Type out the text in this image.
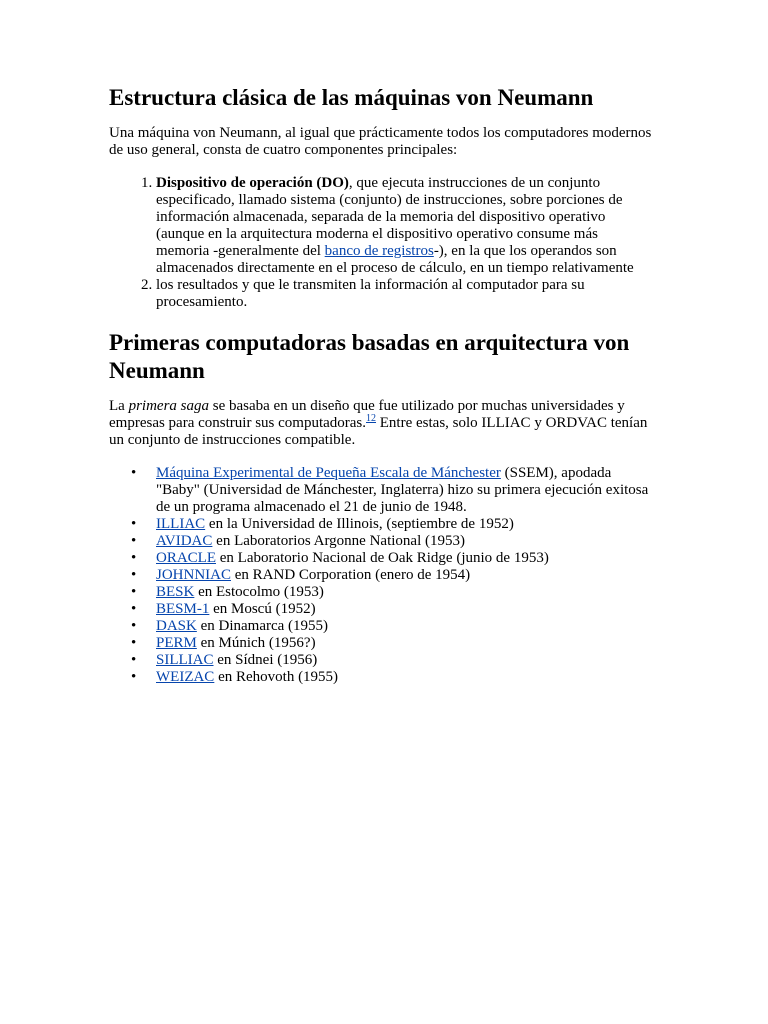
Estructura clásica de las máquinas von Neumann

Una máquina von Neumann, al igual que prácticamente todos los computadores modernos de uso general, consta de cuatro componentes principales:

1. Dispositivo de operación (DO), que ejecuta instrucciones de un conjunto especificado, llamado sistema (conjunto) de instrucciones, sobre porciones de información almacenada, separada de la memoria del dispositivo operativo (aunque en la arquitectura moderna el dispositivo operativo consume más memoria -generalmente del banco de registros-), en la que los operandos son almacenados directamente en el proceso de cálculo, en un tiempo relativamente
2. los resultados y que le transmiten la información al computador para su procesamiento.
Primeras computadoras basadas en arquitectura von Neumann

La primera saga se basaba en un diseño que fue utilizado por muchas universidades y empresas para construir sus computadoras.$^{12}$ Entre estas, solo ILLIAC y ORDVAC tenían un conjunto de instrucciones compatible.

• Máquina Experimental de Pequeña Escala de Mánchester (SSEM), apodada "Baby" (Universidad de Mánchester, Inglaterra) hizo su primera ejecución exitosa de un programa almacenado el 21 de junio de 1948.
• ILLIAC en la Universidad de Illinois, (septiembre de 1952)
• AVIDAC en Laboratorios Argonne National (1953)
• ORACLE en Laboratorio Nacional de Oak Ridge (junio de 1953)
• JOHNNIAC en RAND Corporation (enero de 1954)
• BESK en Estocolmo (1953)
• BESM-1 en Moscú (1952)
• DASK en Dinamarca (1955)
• PERM en Múnich (1956?)
• SILLIAC en Sídnei (1956)
• WEIZAC en Rehovoth (1955)
